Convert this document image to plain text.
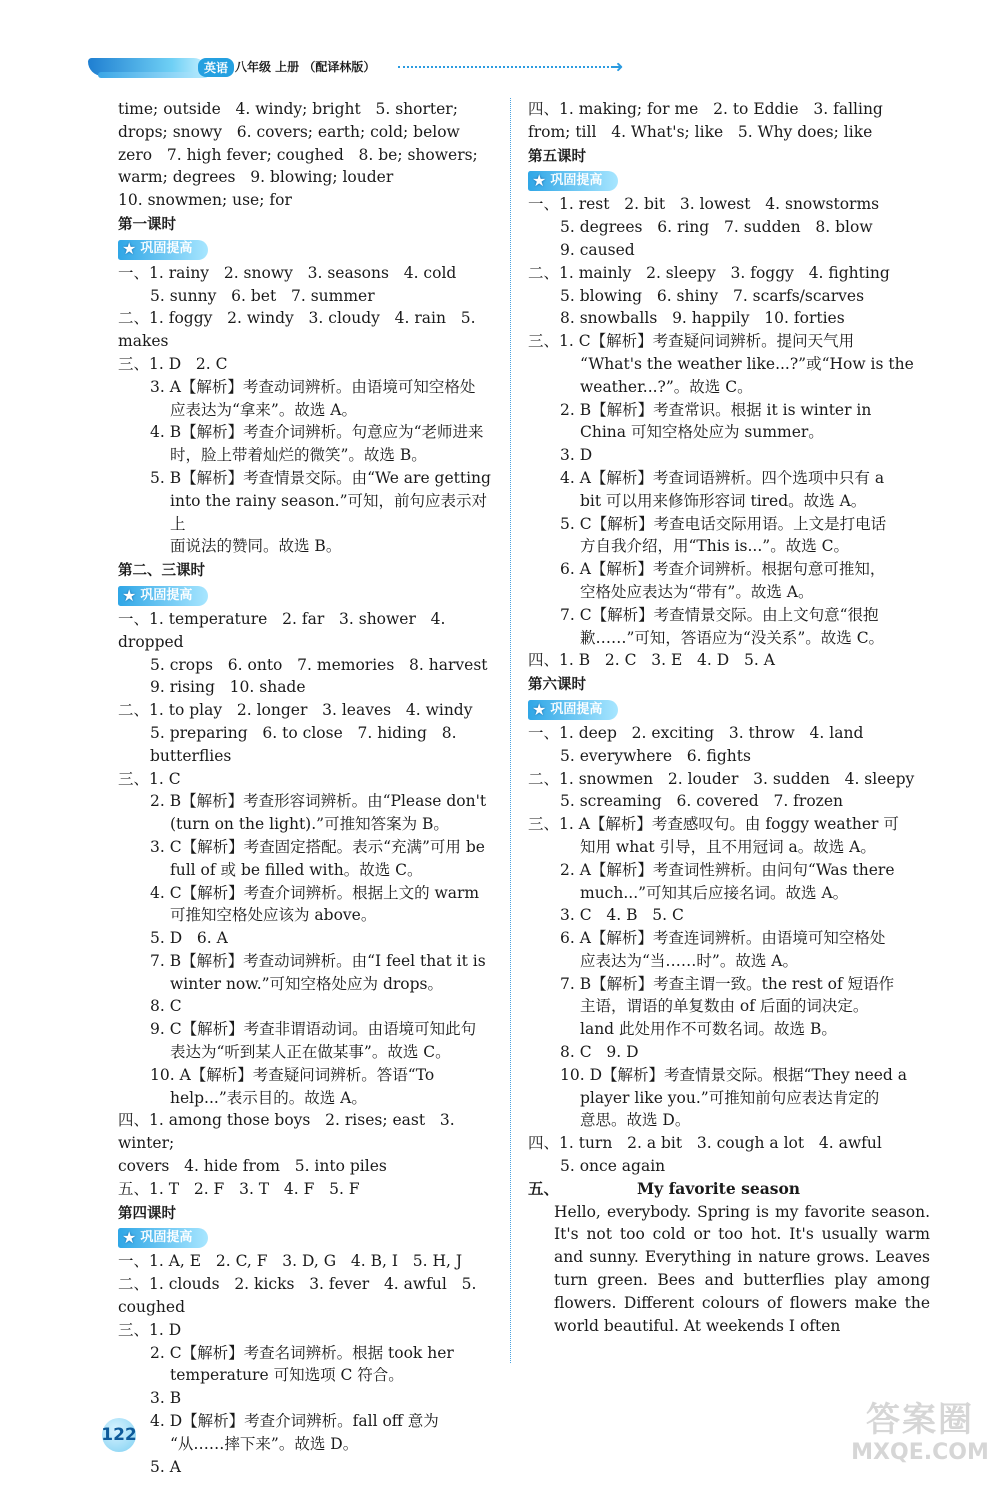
英语 八年级 上册 （配译林版）	➜
time; outside   4. windy; bright   5. shorter;
drops; snowy   6. covers; earth; cold; below
zero   7. high fever; coughed   8. be; showers;
warm; degrees   9. blowing; louder
10. snowmen; use; for
第一课时
★ 巩固提高

一、1. rainy   2. snowy   3. seasons   4. cold
5. sunny   6. bet   7. summer
二、1. foggy   2. windy   3. cloudy   4. rain   5. makes
三、1. D   2. C
3. A【解析】考查动词辨析。由语境可知空格处
应表达为“拿来”。故选 A。
4. B【解析】考查介词辨析。句意应为“老师进来
时，脸上带着灿烂的微笑”。故选 B。
5. B【解析】考查情景交际。由“We are getting
into the rainy season.”可知，前句应表示对上
面说法的赞同。故选 B。
第二、三课时
★ 巩固提高

一、1. temperature   2. far   3. shower   4. dropped
5. crops   6. onto   7. memories   8. harvest
9. rising   10. shade
二、1. to play   2. longer   3. leaves   4. windy
5. preparing   6. to close   7. hiding   8. butterflies
三、1. C
2. B【解析】考查形容词辨析。由“Please don't
(turn on the light).”可推知答案为 B。
3. C【解析】考查固定搭配。表示“充满”可用 be
full of 或 be filled with。故选 C。
4. C【解析】考查介词辨析。根据上文的 warm
可推知空格处应该为 above。
5. D   6. A
7. B【解析】考查动词辨析。由“I feel that it is
winter now.”可知空格处应为 drops。
8. C
9. C【解析】考查非谓语动词。由语境可知此句
表达为“听到某人正在做某事”。故选 C。
10. A【解析】考查疑问词辨析。答语“To
help...”表示目的。故选 A。
四、1. among those boys   2. rises; east   3. winter;
covers   4. hide from   5. into piles
五、1. T   2. F   3. T   4. F   5. F
第四课时
★ 巩固提高

一、1. A, E   2. C, F   3. D, G   4. B, I   5. H, J
二、1. clouds   2. kicks   3. fever   4. awful   5. coughed
三、1. D
2. C【解析】考查名词辨析。根据 took her
temperature 可知选项 C 符合。
3. B
4. D【解析】考查介词辨析。fall off 意为
“从……摔下来”。故选 D。
5. A
四、1. making; for me   2. to Eddie   3. falling
from; till   4. What's; like   5. Why does; like
第五课时
★ 巩固提高

一、1. rest   2. bit   3. lowest   4. snowstorms
5. degrees   6. ring   7. sudden   8. blow
9. caused
二、1. mainly   2. sleepy   3. foggy   4. fighting
5. blowing   6. shiny   7. scarfs/scarves
8. snowballs   9. happily   10. forties
三、1. C【解析】考查疑问词辨析。提问天气用
“What's the weather like...?”或“How is the
weather...?”。故选 C。
2. B【解析】考查常识。根据 it is winter in
China 可知空格处应为 summer。
3. D
4. A【解析】考查词语辨析。四个选项中只有 a
bit 可以用来修饰形容词 tired。故选 A。
5. C【解析】考查电话交际用语。上文是打电话
方自我介绍，用“This is...”。故选 C。
6. A【解析】考查介词辨析。根据句意可推知，
空格处应表达为“带有”。故选 A。
7. C【解析】考查情景交际。由上文句意“很抱
歉……”可知，答语应为“没关系”。故选 C。
四、1. B   2. C   3. E   4. D   5. A
第六课时
★ 巩固提高

一、1. deep   2. exciting   3. throw   4. land
5. everywhere   6. fights
二、1. snowmen   2. louder   3. sudden   4. sleepy
5. screaming   6. covered   7. frozen
三、1. A【解析】考查感叹句。由 foggy weather 可
知用 what 引导，且不用冠词 a。故选 A。
2. A【解析】考查词性辨析。由问句“Was there
much...”可知其后应接名词。故选 A。
3. C   4. B   5. C
6. A【解析】考查连词辨析。由语境可知空格处
应表达为“当……时”。故选 A。
7. B【解析】考查主谓一致。the rest of 短语作
主语，谓语的单复数由 of 后面的词决定。
land 此处用作不可数名词。故选 B。
8. C   9. D
10. D【解析】考查情景交际。根据“They need a
player like you.”可推知前句应表达肯定的
意思。故选 D。
四、1. turn   2. a bit   3. cough a lot   4. awful
5. once again
五、	My favorite season
Hello, everybody. Spring is my favorite season. It's not too cold or too hot. It's usually warm and sunny. Everything in nature grows. Leaves turn green. Bees and butterflies play among flowers. Different colours of flowers make the world beautiful. At weekends I often
122	答案圈
MXQE.COM
